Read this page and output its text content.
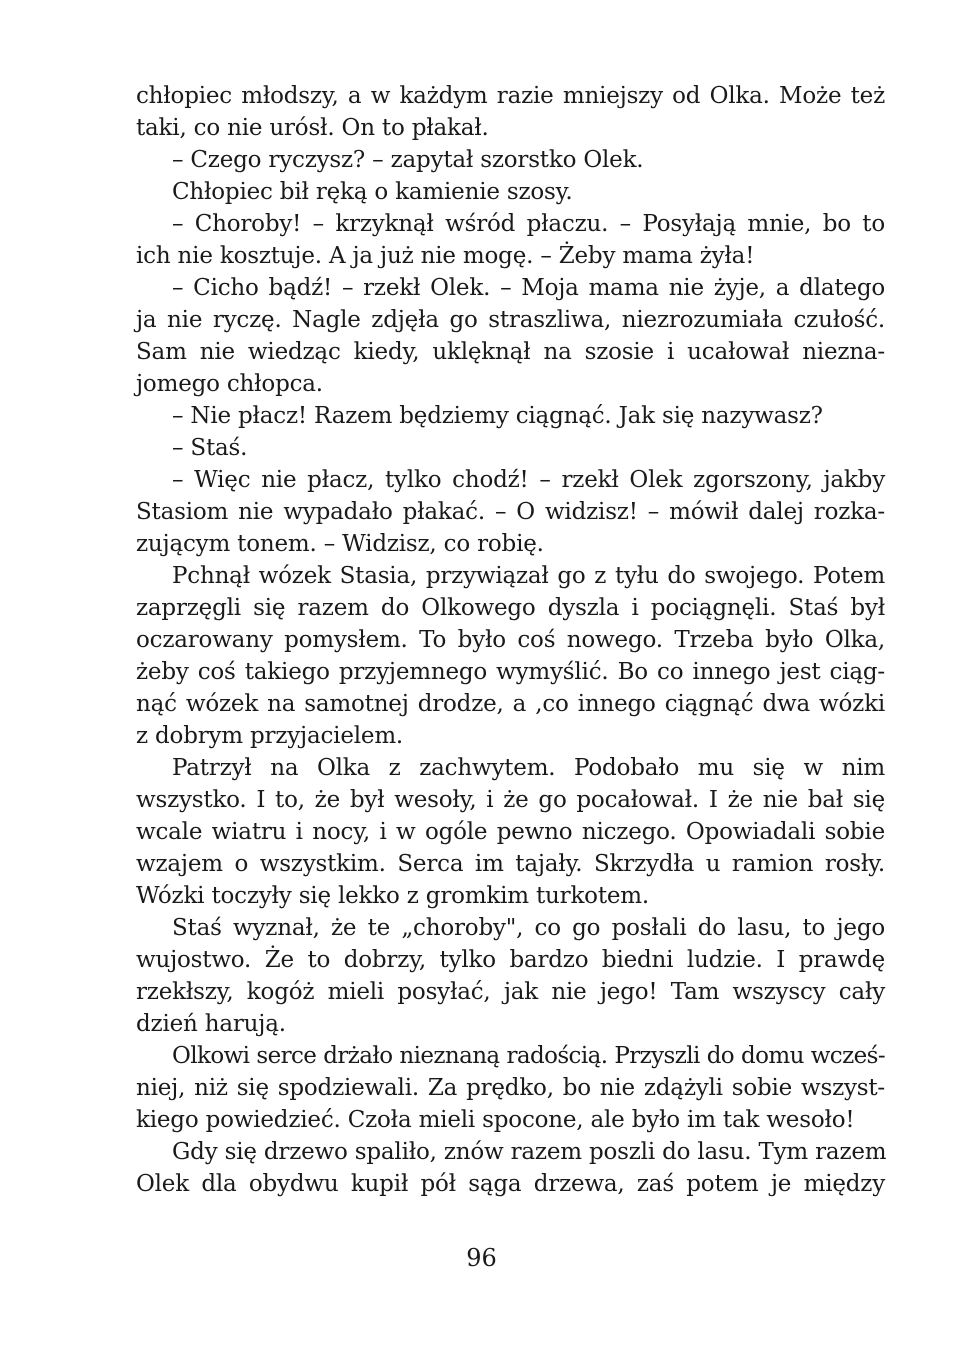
chłopiec młodszy, a w każdym razie mniejszy od Olka. Może też
taki, co nie urósł. On to płakał.
– Czego ryczysz? – zapytał szorstko Olek.
Chłopiec bił ręką o kamienie szosy.
– Choroby! – krzyknął wśród płaczu. – Posyłają mnie, bo to
ich nie kosztuje. A ja już nie mogę. – Żeby mama żyła!
– Cicho bądź! – rzekł Olek. – Moja mama nie żyje, a dlatego
ja nie ryczę. Nagle zdjęła go straszliwa, niezrozumiała czułość.
Sam nie wiedząc kiedy, uklęknął na szosie i ucałował niezna-
jomego chłopca.
– Nie płacz! Razem będziemy ciągnąć. Jak się nazywasz?
– Staś.
– Więc nie płacz, tylko chodź! – rzekł Olek zgorszony, jakby
Stasiom nie wypadało płakać. – O widzisz! – mówił dalej rozka-
zującym tonem. – Widzisz, co robię.
Pchnął wózek Stasia, przywiązał go z tyłu do swojego. Potem
zaprzęgli się razem do Olkowego dyszla i pociągnęli. Staś był
oczarowany pomysłem. To było coś nowego. Trzeba było Olka,
żeby coś takiego przyjemnego wymyślić. Bo co innego jest ciąg-
nąć wózek na samotnej drodze, a ,co innego ciągnąć dwa wózki
z dobrym przyjacielem.
Patrzył na Olka z zachwytem. Podobało mu się w nim
wszystko. I to, że był wesoły, i że go pocałował. I że nie bał się
wcale wiatru i nocy, i w ogóle pewno niczego. Opowiadali sobie
wzajem o wszystkim. Serca im tajały. Skrzydła u ramion rosły.
Wózki toczyły się lekko z gromkim turkotem.
Staś wyznał, że te „choroby", co go posłali do lasu, to jego
wujostwo. Że to dobrzy, tylko bardzo biedni ludzie. I prawdę
rzekłszy, kogóż mieli posyłać, jak nie jego! Tam wszyscy cały
dzień harują.
Olkowi serce drżało nieznaną radością. Przyszli do domu wcześ-
niej, niż się spodziewali. Za prędko, bo nie zdążyli sobie wszyst-
kiego powiedzieć. Czoła mieli spocone, ale było im tak wesoło!
Gdy się drzewo spaliło, znów razem poszli do lasu. Tym razem
Olek dla obydwu kupił pół sąga drzewa, zaś potem je między
96
